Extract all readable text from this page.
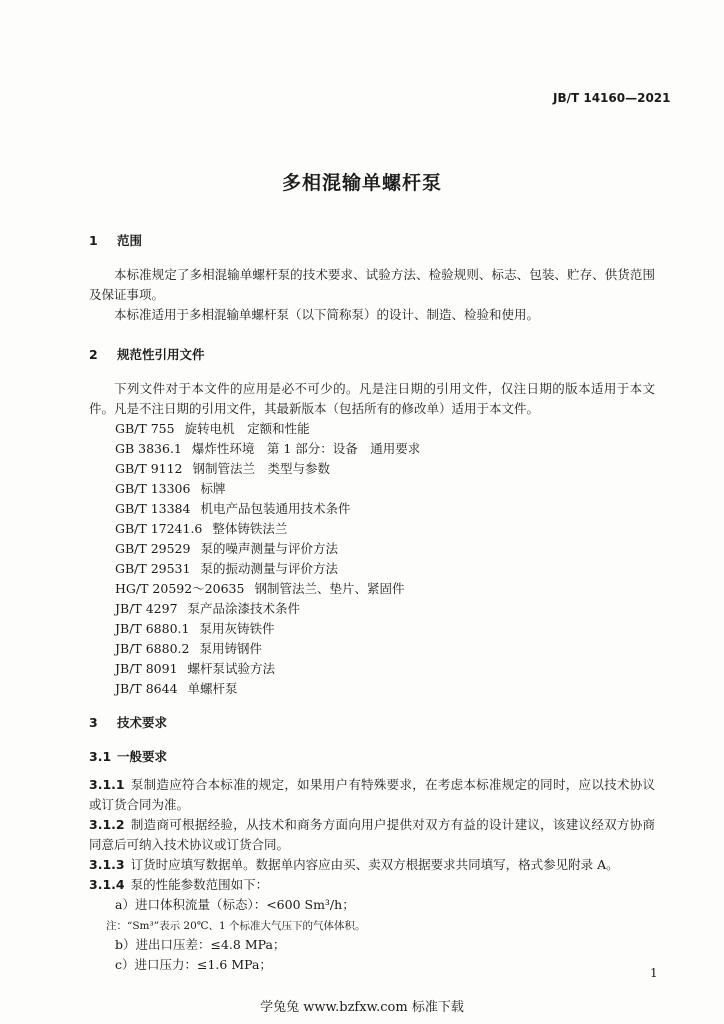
JB/T 14160—2021
多相混输单螺杆泵
1 范围
本标准规定了多相混输单螺杆泵的技术要求、试验方法、检验规则、标志、包装、贮存、供货范围及保证事项。
本标准适用于多相混输单螺杆泵（以下简称泵）的设计、制造、检验和使用。
2 规范性引用文件
下列文件对于本文件的应用是必不可少的。凡是注日期的引用文件，仅注日期的版本适用于本文件。凡是不注日期的引用文件，其最新版本（包括所有的修改单）适用于本文件。
GB/T 755 旋转电机　定额和性能
GB 3836.1 爆炸性环境　第 1 部分：设备　通用要求
GB/T 9112 钢制管法兰　类型与参数
GB/T 13306 标牌
GB/T 13384 机电产品包装通用技术条件
GB/T 17241.6 整体铸铁法兰
GB/T 29529 泵的噪声测量与评价方法
GB/T 29531 泵的振动测量与评价方法
HG/T 20592～20635 钢制管法兰、垫片、紧固件
JB/T 4297 泵产品涂漆技术条件
JB/T 6880.1 泵用灰铸铁件
JB/T 6880.2 泵用铸钢件
JB/T 8091 螺杆泵试验方法
JB/T 8644 单螺杆泵
3 技术要求
3.1 一般要求
3.1.1 泵制造应符合本标准的规定，如果用户有特殊要求，在考虑本标准规定的同时，应以技术协议或订货合同为准。
3.1.2 制造商可根据经验，从技术和商务方面向用户提供对双方有益的设计建议，该建议经双方协商同意后可纳入技术协议或订货合同。
3.1.3 订货时应填写数据单。数据单内容应由买、卖双方根据要求共同填写，格式参见附录 A。
3.1.4 泵的性能参数范围如下：
a）进口体积流量（标态）：<600 Sm³/h；
注：“Sm³”表示 20℃、1 个标准大气压下的气体体积。
b）进出口压差：≤4.8 MPa；
c）进口压力：≤1.6 MPa；
1
学兔兔 www.bzfxw.com 标准下载
